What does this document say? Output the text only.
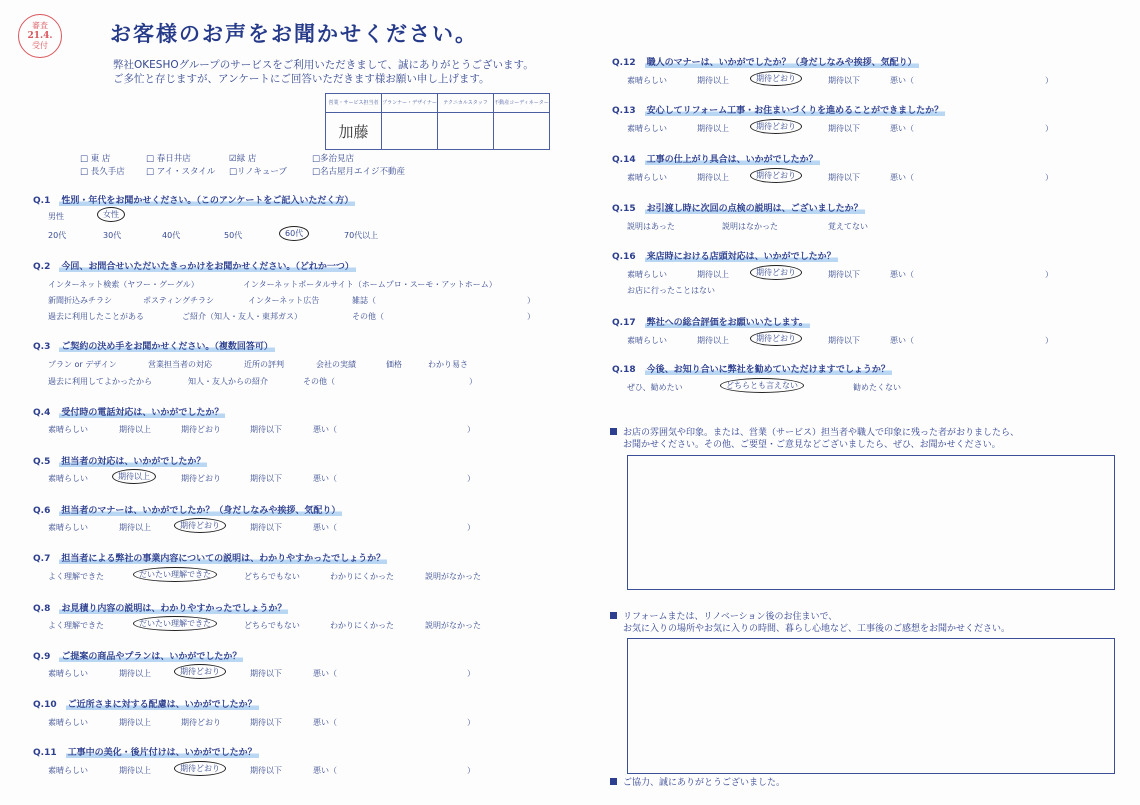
審査
21.4.
受付	お客様のお声をお聞かせください。
弊社OKESHOグループのサービスをご利用いただきまして、誠にありがとうございます。
ご多忙と存じますが、アンケートにご回答いただきます様お願い申し上げます。
営業・サービス担当者	プランナー・デザイナー	テクニカルスタッフ	不動産コーディネーター
加藤			
□ 東 店	□ 春日井店	☑緑 店	□多治見店
□ 長久手店	□ アイ・スタイル	□リノキューブ	□名古屋月エイジ不動産
Q.1　 性別・年代をお聞かせください。（このアンケートをご記入いただく方）
男性	女性
20代	30代	40代	50代	60代	70代以上
Q.2　 今回、お問合せいただいたきっかけをお聞かせください。（どれか一つ）
インターネット検索（ヤフー・グーグル）	インターネットポータルサイト（ホームプロ・スーモ・アットホーム）
新聞折込みチラシ	ポスティングチラシ	インターネット広告	雑誌（	）
過去に利用したことがある	ご紹介（知人・友人・東邦ガス）	その他（	）
Q.3　 ご契約の決め手をお聞かせください。（複数回答可）
プラン or デザイン	営業担当者の対応	近所の評判	会社の実績	価格	わかり易さ
過去に利用してよかったから	知人・友人からの紹介	その他（	）
Q.4　 受付時の電話対応は、いかがでしたか？
素晴らしい	期待以上	期待どおり	期待以下	悪い（	）
Q.5　 担当者の対応は、いかがでしたか？
素晴らしい	期待以上	期待どおり	期待以下	悪い（	）
Q.6　 担当者のマナーは、いかがでしたか？（身だしなみや挨拶、気配り）
素晴らしい	期待以上	期待どおり	期待以下	悪い（	）
Q.7　 担当者による弊社の事業内容についての説明は、わかりやすかったでしょうか？
よく理解できた	だいたい理解できた	どちらでもない	わかりにくかった	説明がなかった
Q.8　 お見積り内容の説明は、わかりやすかったでしょうか？
よく理解できた	だいたい理解できた	どちらでもない	わかりにくかった	説明がなかった
Q.9　 ご提案の商品やプランは、いかがでしたか？
素晴らしい	期待以上	期待どおり	期待以下	悪い（	）
Q.10　 ご近所さまに対する配慮は、いかがでしたか？
素晴らしい	期待以上	期待どおり	期待以下	悪い（	）
Q.11　 工事中の美化・後片付けは、いかがでしたか？
素晴らしい	期待以上	期待どおり	期待以下	悪い（	）
Q.12　 職人のマナーは、いかがでしたか？（身だしなみや挨拶、気配り）
素晴らしい	期待以上	期待どおり	期待以下	悪い（	）
Q.13　 安心してリフォーム工事・お住まいづくりを進めることができましたか？
素晴らしい	期待以上	期待どおり	期待以下	悪い（	）
Q.14　 工事の仕上がり具合は、いかがでしたか？
素晴らしい	期待以上	期待どおり	期待以下	悪い（	）
Q.15　 お引渡し時に次回の点検の説明は、ございましたか？
説明はあった	説明はなかった	覚えてない
Q.16　 来店時における店頭対応は、いかがでしたか？
素晴らしい	期待以上	期待どおり	期待以下	悪い（	）
お店に行ったことはない
Q.17　 弊社への総合評価をお願いいたします。
素晴らしい	期待以上	期待どおり	期待以下	悪い（	）
Q.18　 今後、お知り合いに弊社を勧めていただけますでしょうか？
ぜひ、勧めたい	どちらとも言えない	勧めたくない
お店の雰囲気や印象。または、営業（サービス）担当者や職人で印象に残った者がおりましたら、
お聞かせください。その他、ご要望・ご意見などございましたら、ぜひ、お聞かせください。
リフォームまたは、リノベーション後のお住まいで、
お気に入りの場所やお気に入りの時間、暮らし心地など、工事後のご感想をお聞かせください。
ご協力、誠にありがとうございました。
